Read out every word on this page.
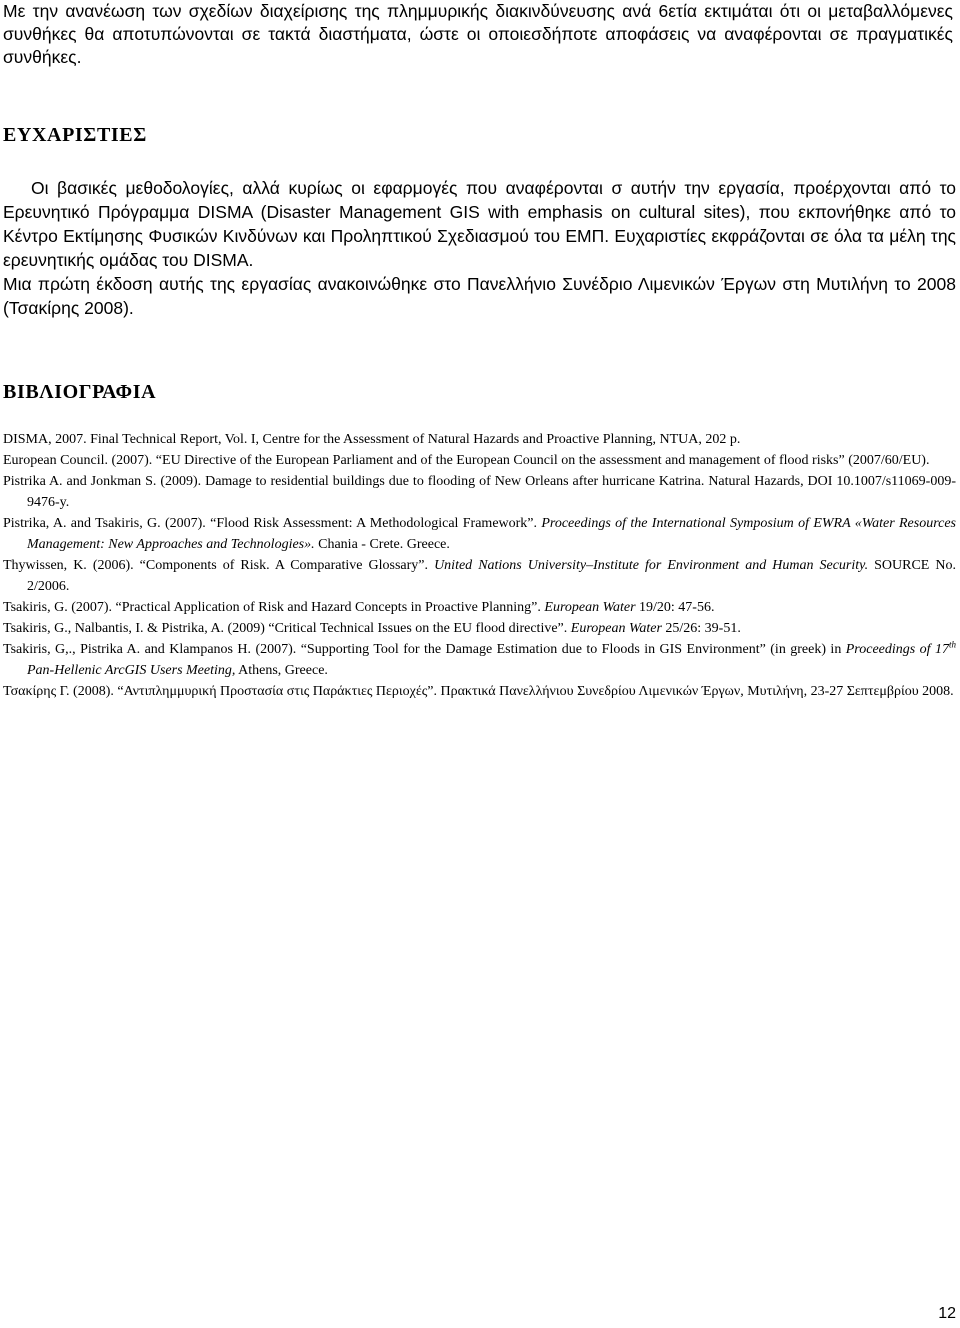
Με την ανανέωση των σχεδίων διαχείρισης της πλημμυρικής διακινδύνευσης ανά 6ετία εκτιμάται ότι οι μεταβαλλόμενες συνθήκες θα αποτυπώνονται σε τακτά διαστήματα, ώστε οι οποιεσδήποτε αποφάσεις να αναφέρονται σε πραγματικές συνθήκες.

ΕΥΧΑΡΙΣΤΙΕΣ

Οι βασικές μεθοδολογίες, αλλά κυρίως οι εφαρμογές που αναφέρονται σ αυτήν την εργασία, προέρχονται από το Ερευνητικό Πρόγραμμα DISMA (Disaster Management GIS with emphasis on cultural sites), που εκπονήθηκε από το Κέντρο Εκτίμησης Φυσικών Κινδύνων και Προληπτικού Σχεδιασμού του ΕΜΠ. Ευχαριστίες εκφράζονται σε όλα τα μέλη της ερευνητικής ομάδας του DISMA.
Μια πρώτη έκδοση αυτής της εργασίας ανακοινώθηκε στο Πανελλήνιο Συνέδριο Λιμενικών Έργων στη Μυτιλήνη το 2008 (Τσακίρης 2008).

ΒΙΒΛΙΟΓΡΑΦΙΑ
DISMA, 2007. Final Technical Report, Vol. I, Centre for the Assessment of Natural Hazards and Proactive Planning, NTUA, 202 p.
European Council. (2007). “EU Directive of the European Parliament and of the European Council on the assessment and management of flood risks” (2007/60/EU).
Pistrika A. and Jonkman S. (2009). Damage to residential buildings due to flooding of New Orleans after hurricane Katrina. Natural Hazards, DOI 10.1007/s11069-009-9476-y.
Pistrika, A. and Tsakiris, G. (2007). “Flood Risk Assessment: A Methodological Framework”. Proceedings of the International Symposium of EWRA «Water Resources Management: New Approaches and Technologies». Chania - Crete. Greece.
Thywissen, K. (2006). “Components of Risk. A Comparative Glossary”. United Nations University–Institute for Environment and Human Security. SOURCE No. 2/2006.
Tsakiris, G. (2007). “Practical Application of Risk and Hazard Concepts in Proactive Planning”. European Water 19/20: 47-56.
Tsakiris, G., Nalbantis, I. & Pistrika, A. (2009) “Critical Technical Issues on the EU flood directive”. European Water 25/26: 39-51.
Tsakiris, G,., Pistrika A. and Klampanos H. (2007). “Supporting Tool for the Damage Estimation due to Floods in GIS Environment” (in greek) in Proceedings of 17th Pan-Hellenic ArcGIS Users Meeting, Athens, Greece.
Τσακίρης Γ. (2008). “Αντιπλημμυρική Προστασία στις Παράκτιες Περιοχές”. Πρακτικά Πανελλήνιου Συνεδρίου Λιμενικών Έργων, Μυτιλήνη, 23-27 Σεπτεμβρίου 2008.
12
